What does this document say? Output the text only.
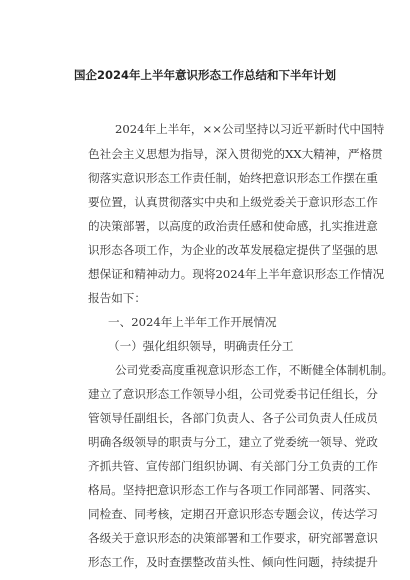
国企2024年上半年意识形态工作总结和下半年计划
2024年上半年，××公司坚持以习近平新时代中国特
色社会主义思想为指导，深入贯彻党的XX大精神，严格贯
彻落实意识形态工作责任制，始终把意识形态工作摆在重
要位置，认真贯彻落实中央和上级党委关于意识形态工作
的决策部署，以高度的政治责任感和使命感，扎实推进意
识形态各项工作，为企业的改革发展稳定提供了坚强的思
想保证和精神动力。现将2024年上半年意识形态工作情况
报告如下：
一、2024年上半年工作开展情况
（一）强化组织领导，明确责任分工
公司党委高度重视意识形态工作，不断健全体制机制。
建立了意识形态工作领导小组，公司党委书记任组长，分
管领导任副组长，各部门负责人、各子公司负责人任成员
明确各级领导的职责与分工，建立了党委统一领导、党政
齐抓共管、宣传部门组织协调、有关部门分工负责的工作
格局。坚持把意识形态工作与各项工作同部署、同落实、
同检查、同考核，定期召开意识形态专题会议，传达学习
各级关于意识形态的决策部署和工作要求，研究部署意识
形态工作，及时查摆整改苗头性、倾向性问题，持续提升
